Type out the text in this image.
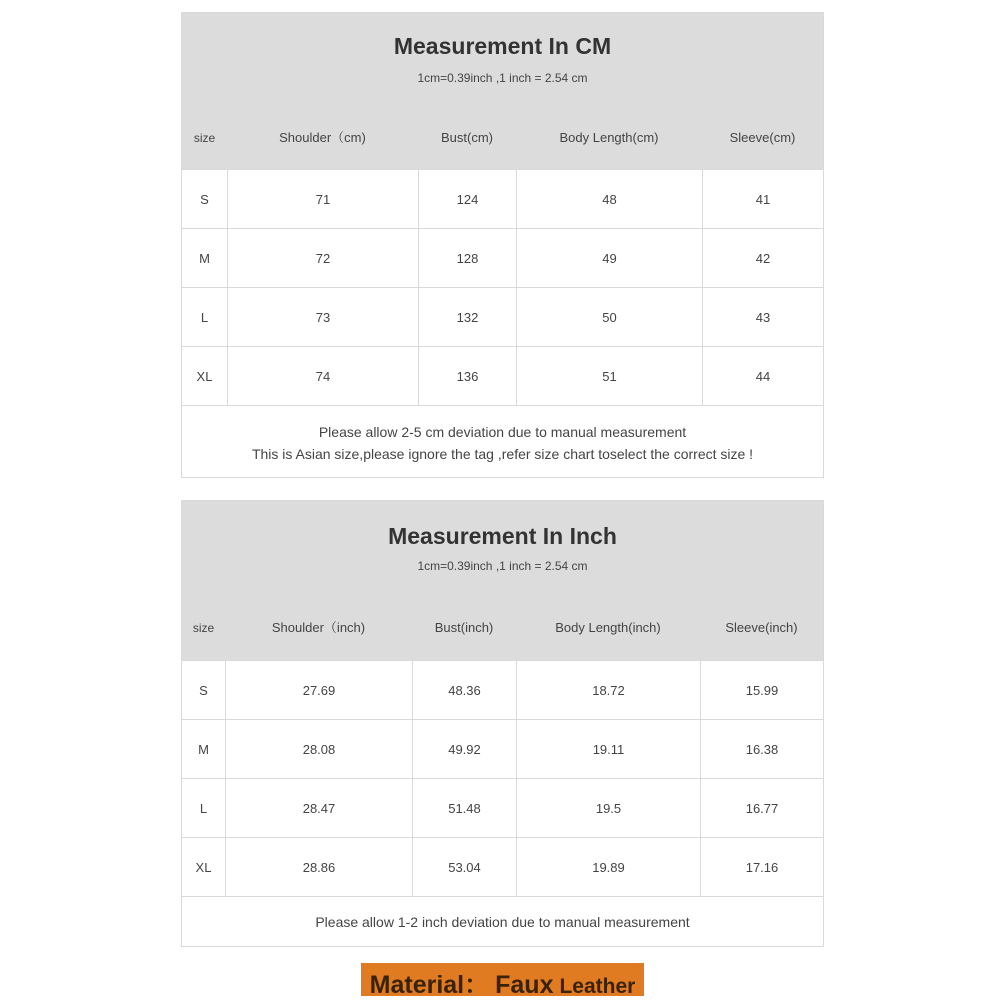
Measurement In CM
1cm=0.39inch ,1 inch = 2.54 cm
size	Shoulder（cm)	Bust(cm)	Body Length(cm)	Sleeve(cm)
S	71	124	48	41
M	72	128	49	42
L	73	132	50	43
XL	74	136	51	44
Please allow 2-5 cm deviation due to manual measurement
This is Asian size,please ignore the tag ,refer size chart toselect the correct size !
Measurement In Inch
1cm=0.39inch ,1 inch = 2.54 cm
size	Shoulder（inch)	Bust(inch)	Body Length(inch)	Sleeve(inch)
S	27.69	48.36	18.72	15.99
M	28.08	49.92	19.11	16.38
L	28.47	51.48	19.5	16.77
XL	28.86	53.04	19.89	17.16
Please allow 1-2 inch deviation due to manual measurement
Material： Faux Leather
